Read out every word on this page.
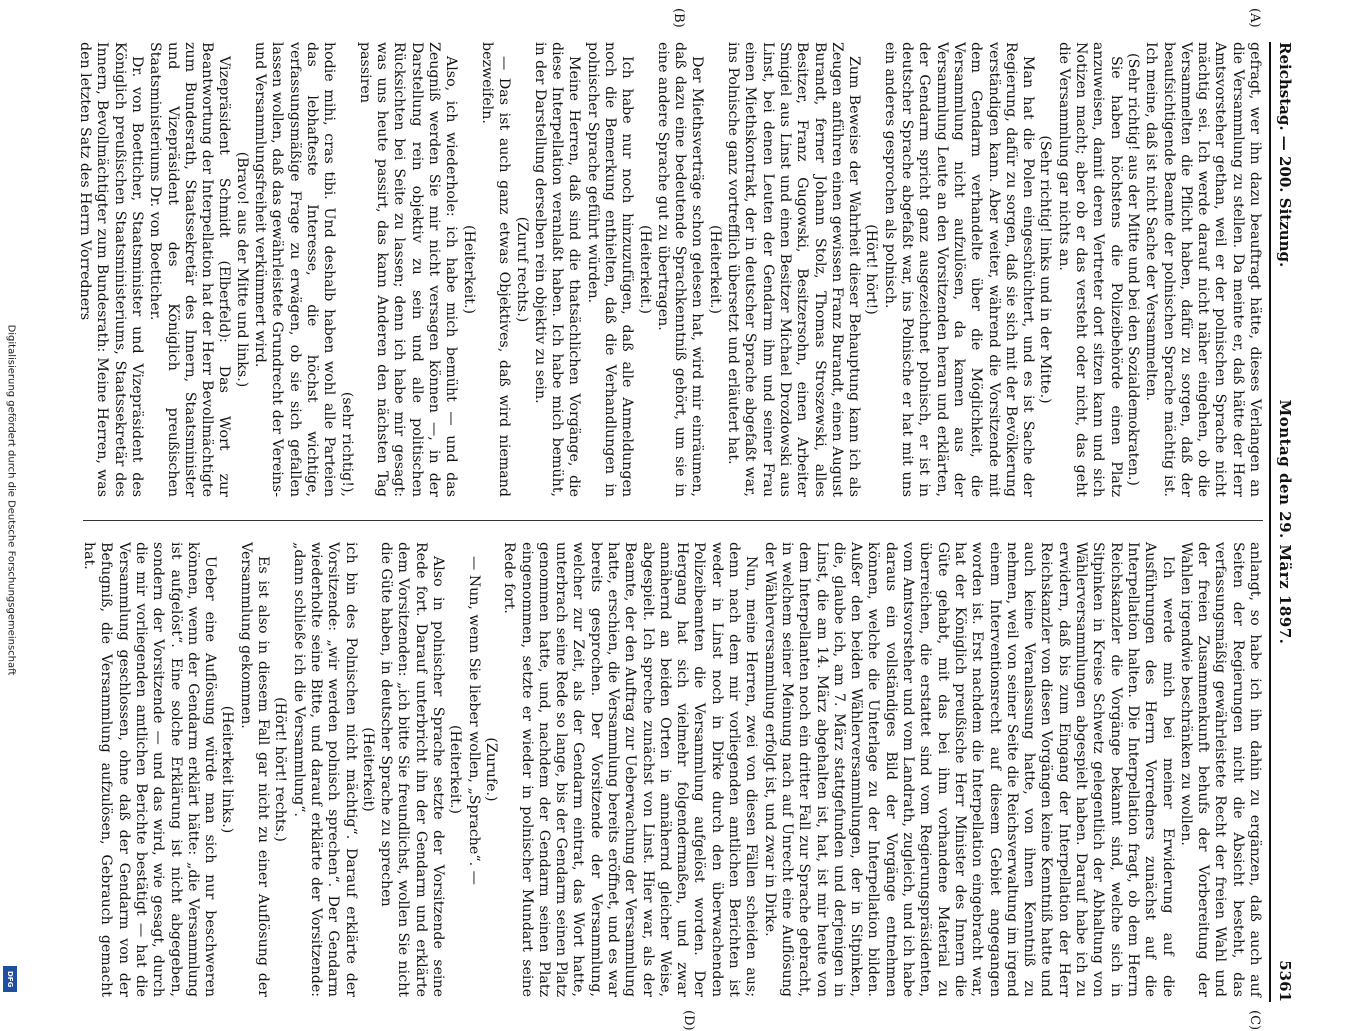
Digitalisierung gefördert durch die Deutsche Forschungsgemeinschaft
DFG
Reichstag. — 200. Sitzung.
Montag den 29. März 1897.
5361
(A)
(B)
(C)
(D)

gefragt, wer ihn dazu beauftragt hätte, dieses Verlangen an die Versammlung zu stellen. Da meinte er, daß hätte der Herr Amtsvorsteher gethan, weil er der polnischen Sprache nicht mächtig sei. Ich werde darauf nicht näher eingehen, ob die Versammelten die Pflicht haben, dafür zu sorgen, daß der beaufsichtigende Beamte der polnischen Sprache mächtig ist. Ich meine, daß ist nicht Sache der Versammelten.

(Sehr richtig! aus der Mitte und bei den Sozialdemokraten.)

Sie haben höchstens die Polizeibehörde einen Platz anzuweisen, damit deren Vertreter dort sitzen kann und sich Notizen macht; aber ob er das versteht oder nicht, das geht die Versammlung gar nichts an.

(Sehr richtig! links und in der Mitte.)

Man hat die Polen eingeschüchtert, und es ist Sache der Regierung, dafür zu sorgen, daß sie sich mit der Bevölkerung verständigen kann. Aber weiter, während die Vorsitzende mit dem Gendarm verhandelte über die Möglichkeit, die Versammlung nicht aufzulösen, da kamen aus der Versammlung Leute an den Vorsitzenden heran und erklärten, der Gendarm spricht ganz ausgezeichnet polnisch, er ist in deutscher Sprache abgefaßt war, ins Polnische er hat mit uns ein anderes gesprochen als polnisch.

(Hört! hört!)

Zum Beweise der Wahrheit dieser Behauptung kann ich als Zeugen anführen einen gewissen Franz Burandt, einen August Burandt, ferner Johann Stolz, Thomas Stroszewski, alles Besitzer, Franz Gugowski, Besitzersohn, einen Arbeiter Smigiel aus Linst und einen Besitzer Michael Drozdowski aus Linst, bei denen Leuten der Gendarm ihm und seiner Frau einen Miethskontrakt, der in deutscher Sprache abgefaßt war, ins Polnische ganz vortrefflich übersetzt und erläutert hat.

(Heiterkeit.)

Der Miethsverträge schon gelesen hat, wird mir einräumen, daß dazu eine bedeutende Sprachkenntniß gehört, um sie in eine andere Sprache gut zu übertragen.

(Heiterkeit.)

Ich habe nur noch hinzuzufügen, daß alle Anmeldungen noch die Bemerkung enthielten, daß die Verhandlungen in polnischer Sprache geführt würden.

Meine Herren, daß sind die thatsächlichen Vorgänge, die diese Interpellation veranlaßt haben. Ich habe mich bemüht, in der Darstellung derselben rein objektiv zu sein.

(Zuruf rechts.)

— Das ist auch ganz etwas Objektives, daß wird niemand bezweifeln.

(Heiterkeit.)

Also, ich wiederhole: ich habe mich bemüht — und das Zeugniß werden Sie mir nicht versagen können —, in der Darstellung rein objektiv zu sein und alle politischen Rücksichten bei Seite zu lassen; denn ich habe mir gesagt: was uns heute passirt, das kann Anderen den nächsten Tag passiren

(sehr richtig!),

hodie mihi, cras tibi. Und deshalb haben wohl alle Parteien das lebhafteste Interesse, die höchst wichtige, verfassungsmäßige Frage zu erwägen, ob sie sich gefallen lassen wollen, daß das gewährleistete Grundrecht der Vereins- und Versammlungsfreiheit verkümmert wird.

(Bravo! aus der Mitte und links.)

Vizepräsident Schmidt (Elberfeld): Das Wort zur Beantwortung der Interpellation hat der Herr Bevollmächtigte zum Bundesrath, Staatssekretär des Innern, Staatsminister und Vizepräsident des Königlich preußischen Staatsministeriums Dr. von Boetticher.

Dr. von Boetticher, Staatsminister und Vizepräsident des Königlich preußischen Staatsministeriums, Staatssekretär des Innern, Bevollmächtigter zum Bundesrath: Meine Herren, was den letzten Satz des Herrn Vorredners

anlangt, so habe ich ihn dahin zu ergänzen, daß auch auf Seiten der Regierungen nicht die Absicht besteht, das verfassungsmäßig gewährleistete Recht der freien Wahl und der freien Zusammenkunft behufs der Vorbereitung der Wahlen irgendwie beschränken zu wollen.

Ich werde mich bei meiner Erwiderung auf die Ausführungen des Herrn Vorredners zunächst auf die Interpellation halten. Die Interpellation fragt, ob dem Herrn Reichskanzler die Vorgänge bekannt sind, welche sich in Sitpinken in Kreise Schwetz gelegentlich der Abhaltung von Wählerversammlungen abgespielt haben. Darauf habe ich zu erwidern, daß bis zum Eingang der Interpellation der Herr Reichskanzler von diesen Vorgängen keine Kenntniß hatte und auch keine Veranlassung hatte, von ihnen Kenntniß zu nehmen, weil von seiner Seite die Reichsverwaltung im irgend einem Interventionsrecht auf diesem Gebiet angegangen worden ist. Erst nachdem die Interpellation eingebracht war, hat der Königlich preußische Herr Minister des Innern die Güte gehabt, mit das bei ihm vorhandene Material zu überreichen, die erstattet sind vom Regierungspräsidenten, vom Amtsvorsteher und vom Landrath, zugleich, und ich habe daraus ein vollständiges Bild der Vorgänge entnehmen können, welche die Unterlage zu der Interpellation bilden. Außer den beiden Wählerversammlungen, der in Sitpinken, die, glaube ich, am 7. März stattgefunden und derjenigen in Linst, die am 14. März abgehalten ist, hat, ist mir heute von dem Interpellanten noch ein dritter Fall zur Sprache gebracht, in welchem seiner Meinung nach auf Unrecht eine Auflösung der Wählerversammlung erfolgt ist, und zwar in Dirke.

Nun, meine Herren, zwei von diesen Fällen scheiden aus; denn nach dem mir vorliegenden amtlichen Berichten ist weder in Linst noch in Dirke durch den überwachenden Polizeibeamten die Versammlung aufgelöst worden. Der Hergang hat sich vielmehr folgendermaßen, und zwar annähernd an beiden Orten in annähernd gleicher Weise, abgespielt. Ich spreche zunächst von Linst. Hier war, als der Beamte, der den Auftrag zur Ueberwachung der Versammlung hatte, erschien, die Versammlung bereits eröffnet, und es war bereits gesprochen. Der Vorsitzende der Versammlung, welcher zur Zeit, als der Gendarm eintrat, das Wort hatte, unterbrach seine Rede so lange, bis der Gendarm seinen Platz genommen hatte, und, nachdem der Gendarm seinen Platz eingenommen, setzte er wieder in polnischer Mundart seine Rede fort.

(Zurufe.)

— Nun, wenn Sie lieber wollen, „Sprache“. —

(Heiterkeit.)

Also in polnischer Sprache setzte der Vorsitzende seine Rede fort. Darauf unterbricht ihn der Gendarm und erklärte dem Vorsitzenden: „ich bitte Sie freundlichst, wollen Sie nicht die Güte haben, in deutscher Sprache zu sprechen

(Heiterkeit)

ich bin des Polnischen nicht mächtig“. Darauf erklärte der Vorsitzende: „wir werden polnisch sprechen“. Der Gendarm wiederholte seine Bitte, und darauf erklärte der Vorsitzende: „dann schließe ich die Versammlung“.

(Hört! hört! rechts.)

Es ist also in diesem Fall gar nicht zu einer Auflösung der Versammlung gekommen.

(Heiterkeit links.)

Ueber eine Auflösung würde man sich nur beschweren können, wenn der Gendarm erklärt hätte: „die Versammlung ist aufgelöst“. Eine solche Erklärung ist nicht abgegeben, sondern der Vorsitzende — und das wird, wie gesagt, durch die mir vorliegenden amtlichen Berichte bestätigt — hat die Versammlung geschlossen, ohne daß der Gendarm von der Befugniß, die Versammlung aufzulösen, Gebrauch gemacht hat.
